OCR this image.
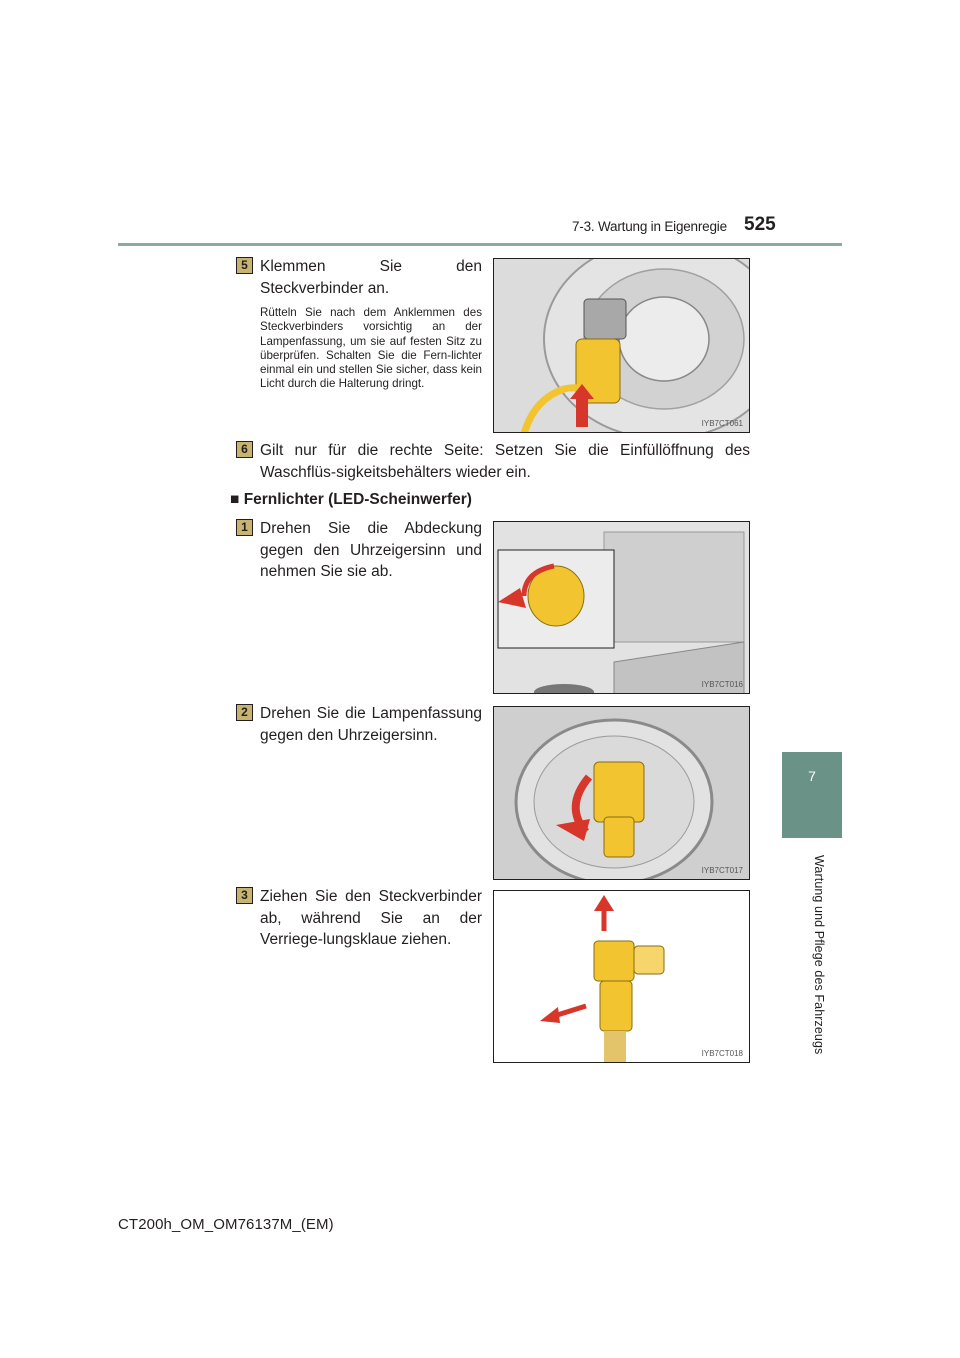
7-3. Wartung in Eigenregie 525
7
Wartung und Pflege des Fahrzeugs
5 Klemmen Sie den Steckverbinder an.
Rütteln Sie nach dem Anklemmen des Steckverbinders vorsichtig an der Lampenfassung, um sie auf festen Sitz zu überprüfen. Schalten Sie die Fern-lichter einmal ein und stellen Sie sicher, dass kein Licht durch die Halterung dringt.
IYB7CT061
6 Gilt nur für die rechte Seite: Setzen Sie die Einfüllöffnung des Waschflüs-sigkeitsbehälters wieder ein.
■ Fernlichter (LED-Scheinwerfer)
1 Drehen Sie die Abdeckung gegen den Uhrzeigersinn und nehmen Sie sie ab.
IYB7CT016
2 Drehen Sie die Lampenfassung gegen den Uhrzeigersinn.
IYB7CT017
3 Ziehen Sie den Steckverbinder ab, während Sie an der Verriege-lungsklaue ziehen.
IYB7CT018
CT200h_OM_OM76137M_(EM)
